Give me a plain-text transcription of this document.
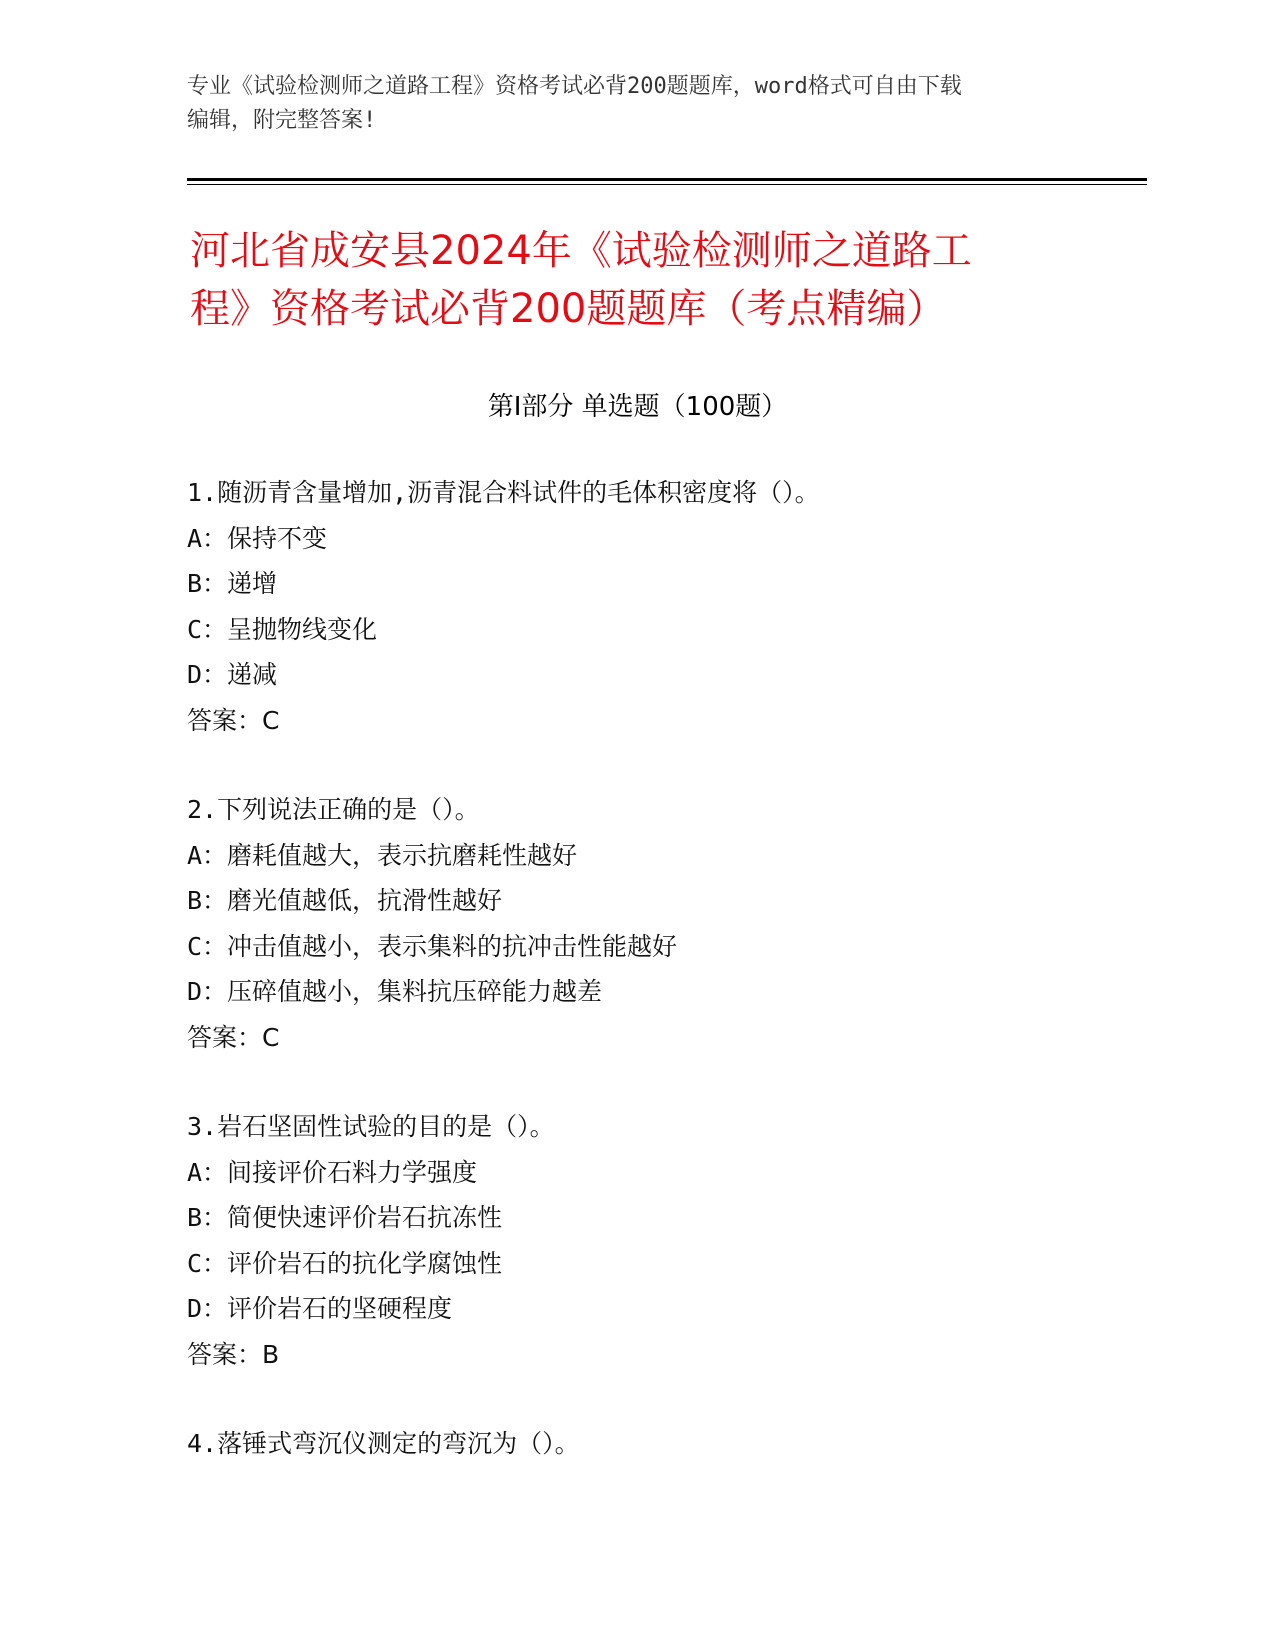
专业《试验检测师之道路工程》资格考试必背200题题库，word格式可自由下载
编辑，附完整答案!
河北省成安县2024年《试验检测师之道路工
程》资格考试必背200题题库（考点精编）
第Ⅰ部分 单选题（100题）
1.随沥青含量增加,沥青混合料试件的毛体积密度将（）。
A：保持不变
B：递增
C：呈抛物线变化
D：递减
答案：C
2.下列说法正确的是（）。
A：磨耗值越大，表示抗磨耗性越好
B：磨光值越低，抗滑性越好
C：冲击值越小，表示集料的抗冲击性能越好
D：压碎值越小，集料抗压碎能力越差
答案：C
3.岩石坚固性试验的目的是（）。
A：间接评价石料力学强度
B：简便快速评价岩石抗冻性
C：评价岩石的抗化学腐蚀性
D：评价岩石的坚硬程度
答案：B
4.落锤式弯沉仪测定的弯沉为（）。
